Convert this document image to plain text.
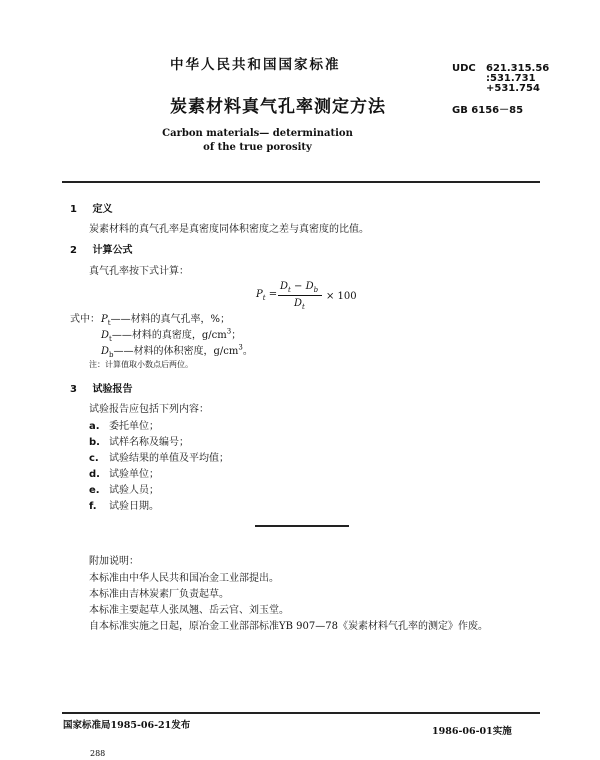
中华人民共和国国家标准
炭素材料真气孔率测定方法
Carbon materials— determination of the true porosity
UDC 621.315.56
:531.731
+531.754
GB 6156－85
1 定义
炭素材料的真气孔率是真密度同体积密度之差与真密度的比值。
2 计算公式
真气孔率按下式计算：
$P_t$ =
$D_t - D_b$
$D_t$
× 100
式中： $P_t——$材料的真气孔率，%；
$D_t——$材料的真密度，$g/cm^3$；
$D_b——$材料的体积密度，$g/cm^3$。
注：计算值取小数点后两位。
3 试验报告
试验报告应包括下列内容：
a. 委托单位；
b. 试样名称及编号；
c. 试验结果的单值及平均值；
d. 试验单位；
e. 试验人员；
f. 试验日期。
附加说明：
本标准由中华人民共和国冶金工业部提出。
本标准由吉林炭素厂负责起草。
本标准主要起草人张凤翘、岳云官、刘玉堂。
自本标准实施之日起，原冶金工业部部标准YB 907—78《炭素材料气孔率的测定》作废。
国家标准局1985-06-21发布
1986-06-01实施
288
